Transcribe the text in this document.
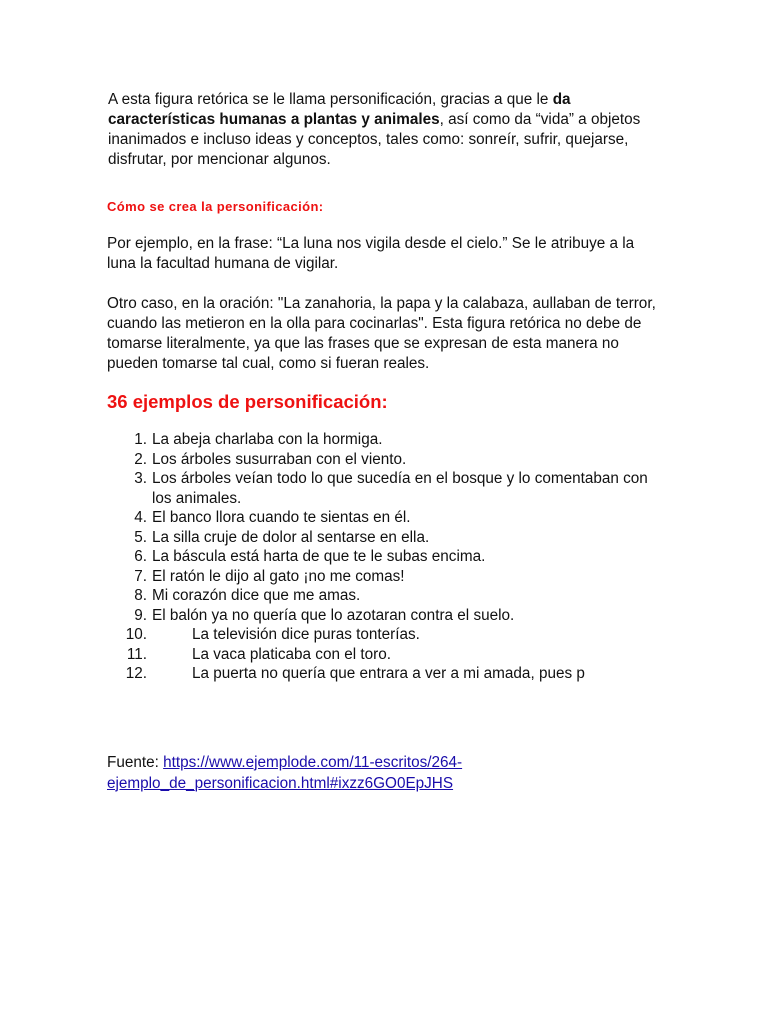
A esta figura retórica se le llama personificación, gracias a que le da características humanas a plantas y animales, así como da “vida” a objetos inanimados e incluso ideas y conceptos, tales como: sonreír, sufrir, quejarse, disfrutar, por mencionar algunos.

Cómo se crea la personificación:

Por ejemplo, en la frase: “La luna nos vigila desde el cielo.” Se le atribuye a la luna la facultad humana de vigilar.

Otro caso, en la oración: "La zanahoria, la papa y la calabaza, aullaban de terror, cuando las metieron en la olla para cocinarlas". Esta figura retórica no debe de tomarse literalmente, ya que las frases que se expresan de esta manera no pueden tomarse tal cual, como si fueran reales.

36 ejemplos de personificación:
1. La abeja charlaba con la hormiga.
2. Los árboles susurraban con el viento.
3. Los árboles veían todo lo que sucedía en el bosque y lo comentaban con los animales.
4. El banco llora cuando te sientas en él.
5. La silla cruje de dolor al sentarse en ella.
6. La báscula está harta de que te le subas encima.
7. El ratón le dijo al gato ¡no me comas!
8. Mi corazón dice que me amas.
9. El balón ya no quería que lo azotaran contra el suelo.
10.	La televisión dice puras tonterías.
11.	La vaca platicaba con el toro.
12.	La puerta no quería que entrara a ver a mi amada, pues p
Fuente: https://www.ejemplode.com/11-escritos/264-
ejemplo_de_personificacion.html#ixzz6GO0EpJHS
